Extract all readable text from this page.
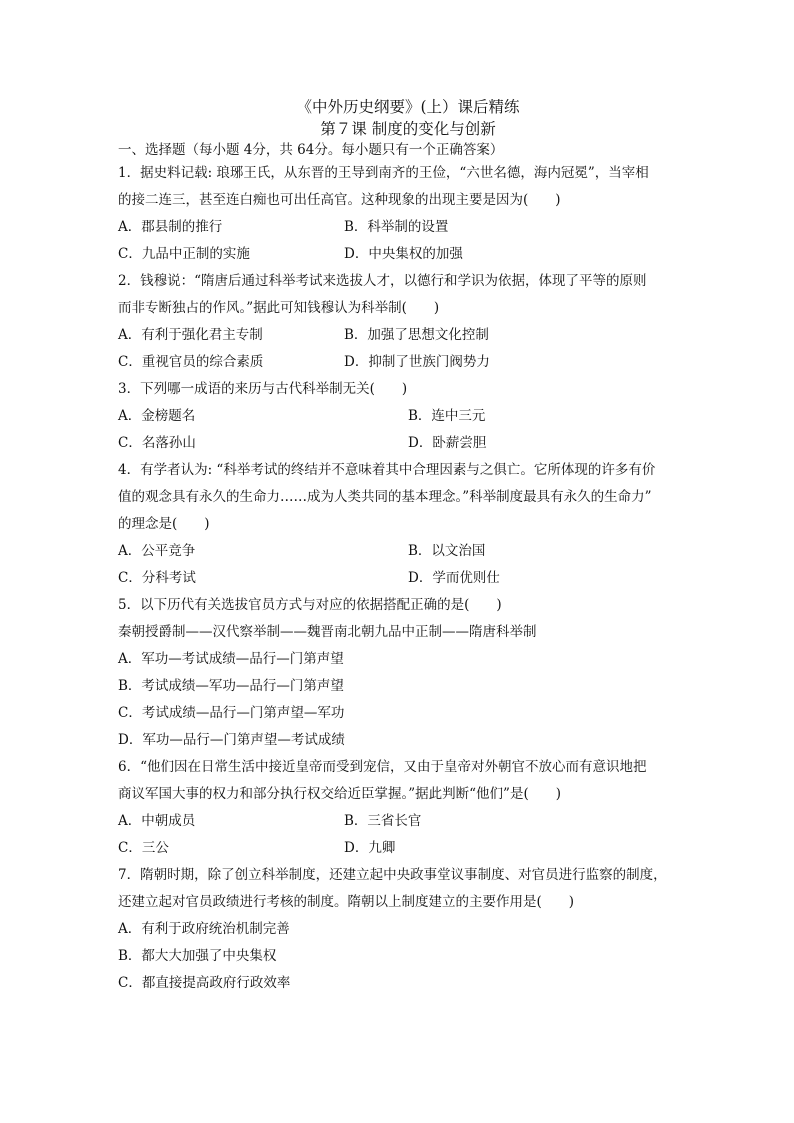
《中外历史纲要》(上）课后精练
第７课 制度的变化与创新
一、选择题（每小题 4分，共 64分。每小题只有一个正确答案）
1．据史料记载: 琅琊王氏，从东晋的王导到南齐的王俭，“六世名德，海内冠冕”，当宰相
的接二连三，甚至连白痴也可出任高官。这种现象的出现主要是因为(　　)
A．郡县制的推行	B．科举制的设置
C．九品中正制的实施	D．中央集权的加强
2．钱穆说：“隋唐后通过科举考试来选拔人才，以德行和学识为依据，体现了平等的原则
而非专断独占的作风。”据此可知钱穆认为科举制(　　)
A．有利于强化君主专制	B．加强了思想文化控制
C．重视官员的综合素质	D．抑制了世族门阀势力
3．下列哪一成语的来历与古代科举制无关(　　)
A．金榜题名	B．连中三元
C．名落孙山	D．卧薪尝胆
4．有学者认为: “科举考试的终结并不意味着其中合理因素与之俱亡。它所体现的许多有价
值的观念具有永久的生命力……成为人类共同的基本理念。”科举制度最具有永久的生命力”
的理念是(　　)
A．公平竞争	B．以文治国
C．分科考试	D．学而优则仕
5．以下历代有关选拔官员方式与对应的依据搭配正确的是(　　)
秦朝授爵制——汉代察举制——魏晋南北朝九品中正制——隋唐科举制
A．军功—考试成绩—品行—门第声望
B．考试成绩—军功—品行—门第声望
C．考试成绩—品行—门第声望—军功
D．军功—品行—门第声望—考试成绩
6．“他们因在日常生活中接近皇帝而受到宠信，又由于皇帝对外朝官不放心而有意识地把
商议军国大事的权力和部分执行权交给近臣掌握。”据此判断“他们”是(　　)
A．中朝成员	B．三省长官
C．三公	D．九卿
7．隋朝时期，除了创立科举制度，还建立起中央政事堂议事制度、对官员进行监察的制度，
还建立起对官员政绩进行考核的制度。隋朝以上制度建立的主要作用是(　　)
A．有利于政府统治机制完善
B．都大大加强了中央集权
C．都直接提高政府行政效率
